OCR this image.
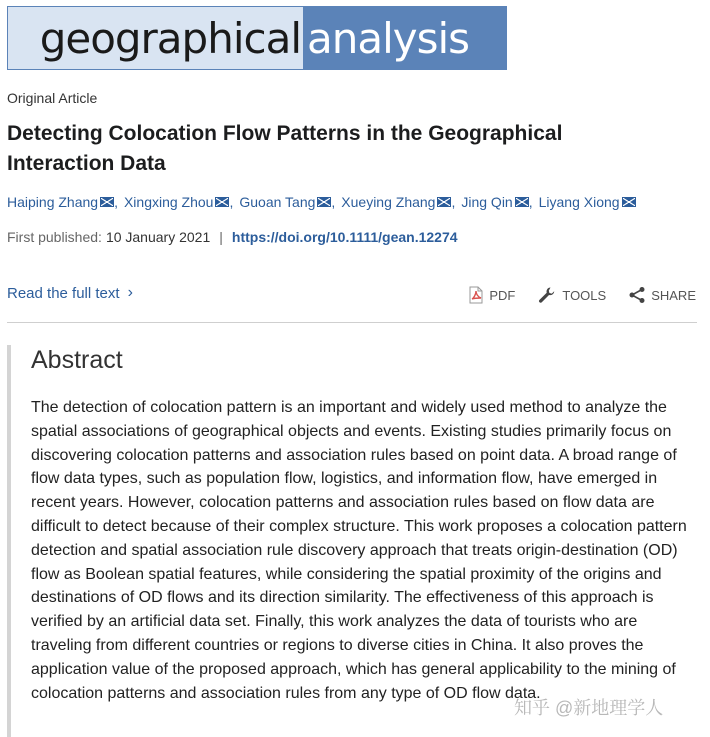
geographical analysis
Original Article
Detecting Colocation Flow Patterns in the Geographical Interaction Data
Haiping Zhang , Xingxing Zhou , Guoan Tang , Xueying Zhang , Jing Qin , Liyang Xiong
First published: 10 January 2021 | https://doi.org/10.1111/gean.12274
Read the full text ›	PDF	TOOLS	SHARE
Abstract

The detection of colocation pattern is an important and widely used method to analyze the spatial associations of geographical objects and events. Existing studies primarily focus on discovering colocation patterns and association rules based on point data. A broad range of flow data types, such as population flow, logistics, and information flow, have emerged in recent years. However, colocation patterns and association rules based on flow data are difficult to detect because of their complex structure. This work proposes a colocation pattern detection and spatial association rule discovery approach that treats origin-destination (OD) flow as Boolean spatial features, while considering the spatial proximity of the origins and destinations of OD flows and its direction similarity. The effectiveness of this approach is verified by an artificial data set. Finally, this work analyzes the data of tourists who are traveling from different countries or regions to diverse cities in China. It also proves the application value of the proposed approach, which has general applicability to the mining of colocation patterns and association rules from any type of OD flow data.

知乎 @新地理学人
